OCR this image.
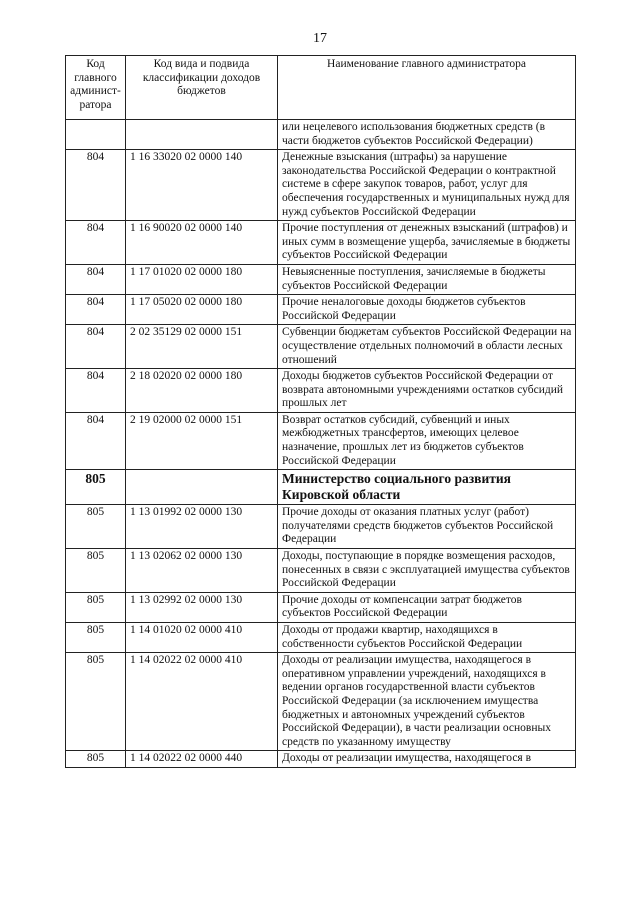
17
Код главного админист-ратора	Код вида и подвида классификации доходов бюджетов	Наименование главного администратора
		или нецелевого использования бюджетных средств (в части бюджетов субъектов Российской Федерации)
804	1 16 33020 02 0000 140	Денежные взыскания (штрафы) за нарушение законодательства Российской Федерации о контрактной системе в сфере закупок товаров, работ, услуг для обеспечения государственных и муниципальных нужд для нужд субъектов Российской Федерации
804	1 16 90020 02 0000 140	Прочие поступления от денежных взысканий (штрафов) и иных сумм в возмещение ущерба, зачисляемые в бюджеты субъектов Российской Федерации
804	1 17 01020 02 0000 180	Невыясненные поступления, зачисляемые в бюджеты субъектов Российской Федерации
804	1 17 05020 02 0000 180	Прочие неналоговые доходы бюджетов субъектов Российской Федерации
804	2 02 35129 02 0000 151	Субвенции бюджетам субъектов Российской Федерации на осуществление отдельных полномочий в области лесных отношений
804	2 18 02020 02 0000 180	Доходы бюджетов субъектов Российской Федерации от возврата автономными учреждениями остатков субсидий прошлых лет
804	2 19 02000 02 0000 151	Возврат остатков субсидий, субвенций и иных межбюджетных трансфертов, имеющих целевое назначение, прошлых лет из бюджетов субъектов Российской Федерации
805		Министерство социального развития Кировской области
805	1 13 01992 02 0000 130	Прочие доходы от оказания платных услуг (работ) получателями средств бюджетов субъектов Российской Федерации
805	1 13 02062 02 0000 130	Доходы, поступающие в порядке возмещения расходов, понесенных в связи с эксплуатацией имущества субъектов Российской Федерации
805	1 13 02992 02 0000 130	Прочие доходы от компенсации затрат бюджетов субъектов Российской Федерации
805	1 14 01020 02 0000 410	Доходы от продажи квартир, находящихся в собственности субъектов Российской Федерации
805	1 14 02022 02 0000 410	Доходы от реализации имущества, находящегося в оперативном управлении учреждений, находящихся в ведении органов государственной власти субъектов Российской Федерации (за исключением имущества бюджетных и автономных учреждений субъектов Российской Федерации), в части реализации основных средств по указанному имуществу
805	1 14 02022 02 0000 440	Доходы от реализации имущества, находящегося в
